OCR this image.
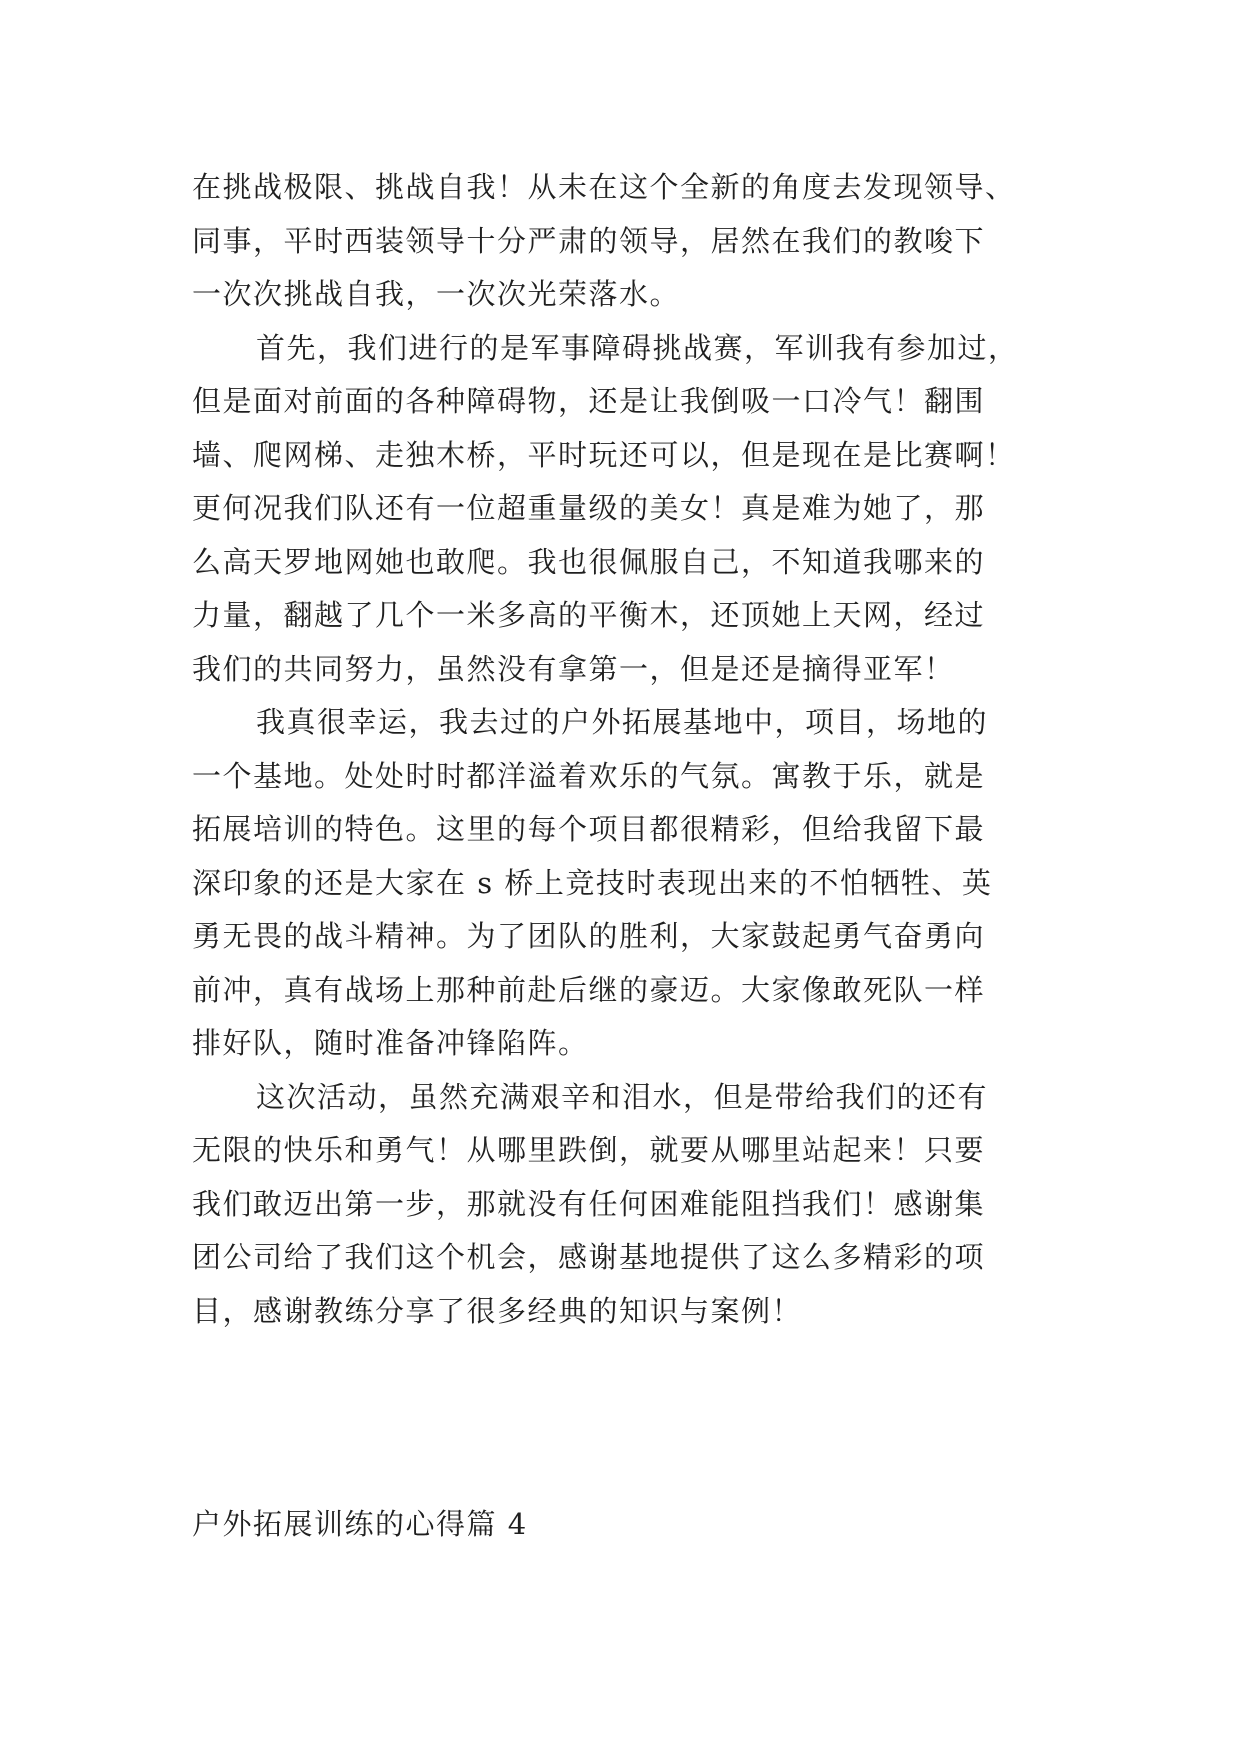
在挑战极限、挑战自我！从未在这个全新的角度去发现领导、
同事，平时西装领导十分严肃的领导，居然在我们的教唆下
一次次挑战自我，一次次光荣落水。
首先，我们进行的是军事障碍挑战赛，军训我有参加过，
但是面对前面的各种障碍物，还是让我倒吸一口冷气！翻围
墙、爬网梯、走独木桥，平时玩还可以，但是现在是比赛啊！
更何况我们队还有一位超重量级的美女！真是难为她了，那
么高天罗地网她也敢爬。我也很佩服自己，不知道我哪来的
力量，翻越了几个一米多高的平衡木，还顶她上天网，经过
我们的共同努力，虽然没有拿第一，但是还是摘得亚军！
我真很幸运，我去过的户外拓展基地中，项目，场地的
一个基地。处处时时都洋溢着欢乐的气氛。寓教于乐，就是
拓展培训的特色。这里的每个项目都很精彩，但给我留下最
深印象的还是大家在 s 桥上竞技时表现出来的不怕牺牲、英
勇无畏的战斗精神。为了团队的胜利，大家鼓起勇气奋勇向
前冲，真有战场上那种前赴后继的豪迈。大家像敢死队一样
排好队，随时准备冲锋陷阵。
这次活动，虽然充满艰辛和泪水，但是带给我们的还有
无限的快乐和勇气！从哪里跌倒，就要从哪里站起来！只要
我们敢迈出第一步，那就没有任何困难能阻挡我们！感谢集
团公司给了我们这个机会，感谢基地提供了这么多精彩的项
目，感谢教练分享了很多经典的知识与案例！
户外拓展训练的心得篇 4
